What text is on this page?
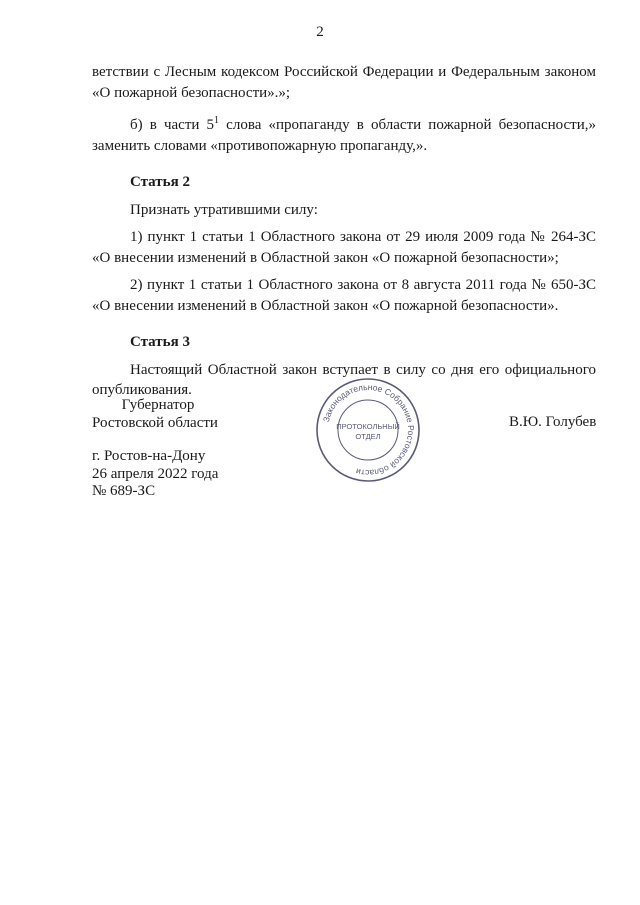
2

ветствии с Лесным кодексом Российской Федерации и Федеральным законом «О пожарной безопасности».»;

б) в части $5^1$ слова «пропаганду в области пожарной безопасности,» заменить словами «противопожарную пропаганду,».

Статья 2

Признать утратившими силу:

1) пункт 1 статьи 1 Областного закона от 29 июля 2009 года № 264-ЗС «О внесении изменений в Областной закон «О пожарной безопасности»;

2) пункт 1 статьи 1 Областного закона от 8 августа 2011 года № 650-ЗС «О внесении изменений в Областной закон «О пожарной безопасности».

Статья 3

Настоящий Областной закон вступает в силу со дня его официального опубликования.

Губернатор
Ростовской области	В.Ю. Голубев
г. Ростов-на-Дону
26 апреля 2022 года
№ 689-ЗС
Законодательное Собрание Ростовской области
ПРОТОКОЛЬНЫЙ
ОТДЕЛ
